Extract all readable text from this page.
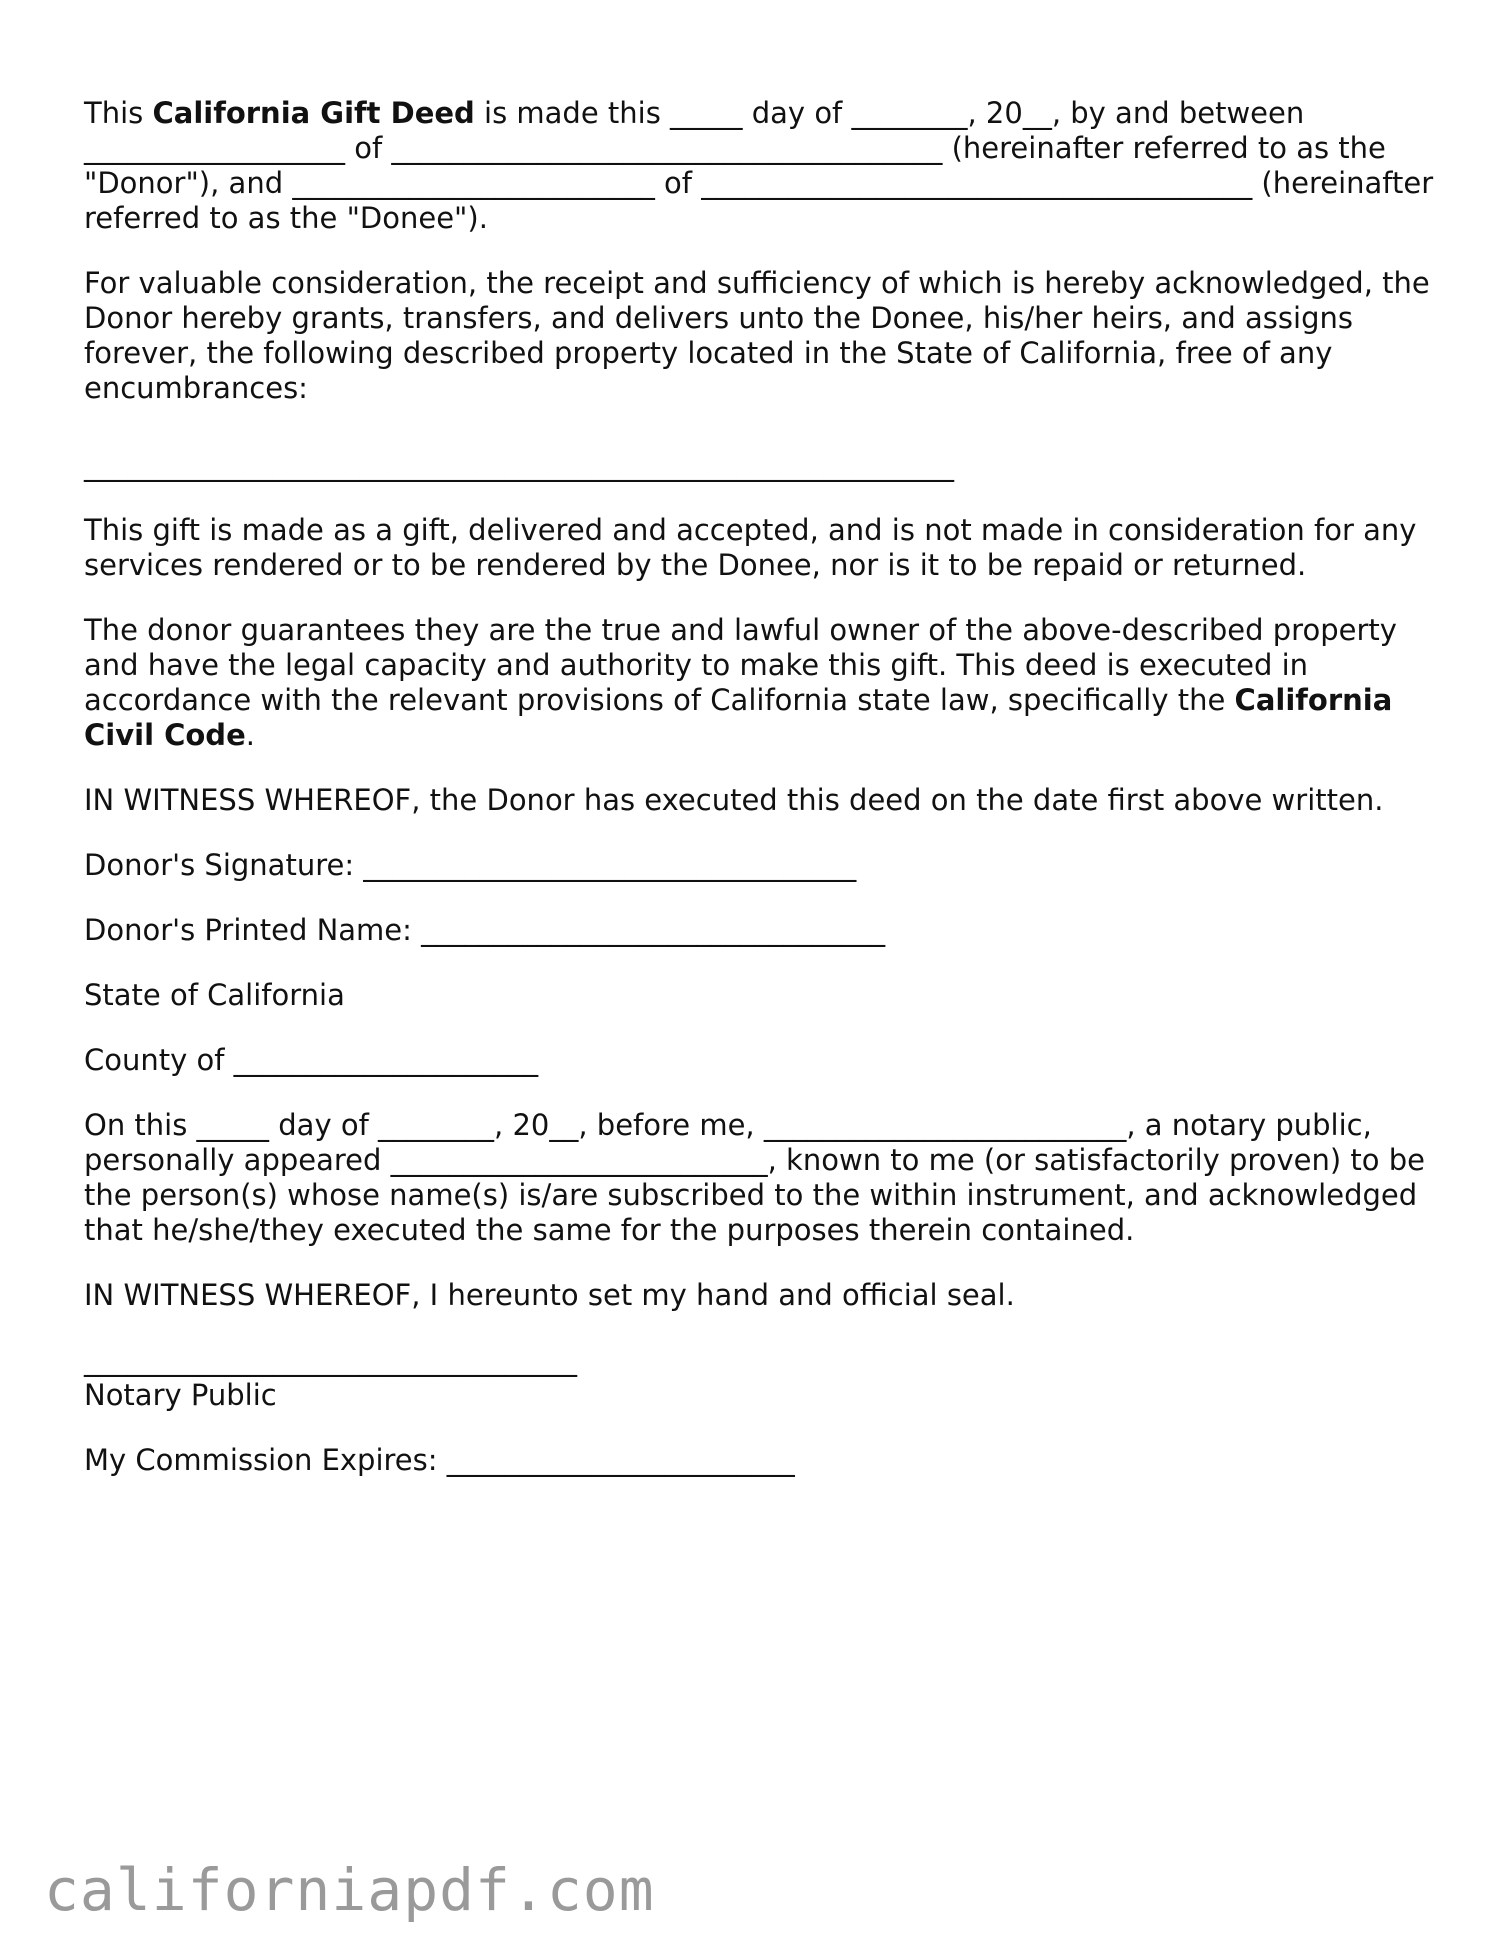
This California Gift Deed is made this _____ day of ________, 20__, by and between __________________ of ______________________________________ (hereinafter referred to as the "Donor"), and _________________________ of ______________________________________ (hereinafter referred to as the "Donee").

For valuable consideration, the receipt and sufficiency of which is hereby acknowledged, the Donor hereby grants, transfers, and delivers unto the Donee, his/her heirs, and assigns forever, the following described property located in the State of California, free of any encumbrances:

____________________________________________________________

This gift is made as a gift, delivered and accepted, and is not made in consideration for any services rendered or to be rendered by the Donee, nor is it to be repaid or returned.

The donor guarantees they are the true and lawful owner of the above-described property and have the legal capacity and authority to make this gift. This deed is executed in accordance with the relevant provisions of California state law, specifically the California Civil Code.

IN WITNESS WHEREOF, the Donor has executed this deed on the date first above written.

Donor's Signature: __________________________________

Donor's Printed Name: ________________________________

State of California

County of _____________________

On this _____ day of ________, 20__, before me, _________________________, a notary public, personally appeared __________________________, known to me (or satisfactorily proven) to be the person(s) whose name(s) is/are subscribed to the within instrument, and acknowledged that he/she/they executed the same for the purposes therein contained.

IN WITNESS WHEREOF, I hereunto set my hand and official seal.

__________________________________
Notary Public

My Commission Expires: ________________________

californiapdf.com
